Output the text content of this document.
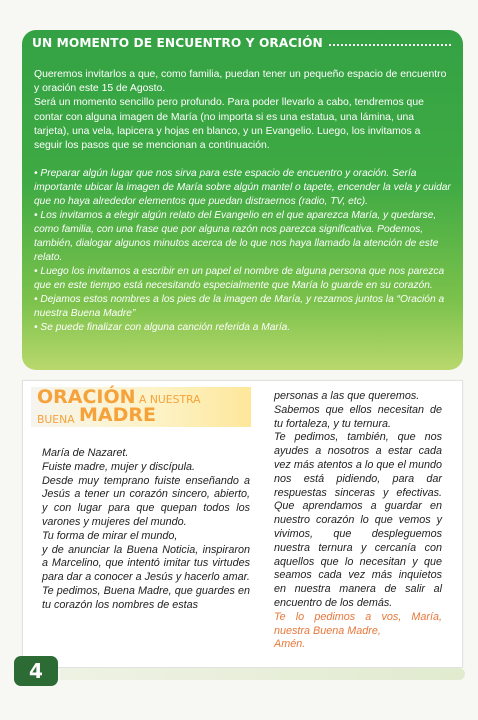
UN MOMENTO DE ENCUENTRO Y ORACIÓN

Queremos invitarlos a que, como familia, puedan tener un pequeño espacio de encuentro y oración este 15 de Agosto.

Será un momento sencillo pero profundo. Para poder llevarlo a cabo, tendremos que contar con alguna imagen de María (no importa si es una estatua, una lámina, una tarjeta), una vela, lapicera y hojas en blanco, y un Evangelio. Luego, los invitamos a seguir los pasos que se mencionan a continuación.

• Preparar algún lugar que nos sirva para este espacio de encuentro y oración. Sería importante ubicar la imagen de María sobre algún mantel o tapete, encender la vela y cuidar que no haya alrededor elementos que puedan distraernos (radio, TV, etc).

• Los invitamos a elegir algún relato del Evangelio en el que aparezca María, y quedarse, como familia, con una frase que por alguna razón nos parezca significativa. Podemos, también, dialogar algunos minutos acerca de lo que nos haya llamado la atención de este relato.

• Luego los invitamos a escribir en un papel el nombre de alguna persona que nos parezca que en este tiempo está necesitando especialmente que María lo guarde en su corazón.

• Dejamos estos nombres a los pies de la imagen de María, y rezamos juntos la “Oración a nuestra Buena Madre”

• Se puede finalizar con alguna canción referida a María.

ORACIÓN A NUESTRA
BUENA MADRE

María de Nazaret.

Fuiste madre, mujer y discípula.

Desde muy temprano fuiste enseñando a Jesús a tener un corazón sincero, abierto, y con lugar para que quepan todos los varones y mujeres del mundo.

Tu forma de mirar el mundo,

y de anunciar la Buena Noticia, inspiraron a Marcelino, que intentó imitar tus virtudes para dar a conocer a Jesús y hacerlo amar.

Te pedimos, Buena Madre, que guardes en tu corazón los nombres de estas

personas a las que queremos.

Sabemos que ellos necesitan de tu fortaleza, y tu ternura.

Te pedimos, también, que nos ayudes a nosotros a estar cada vez más atentos a lo que el mundo nos está pidiendo, para dar respuestas sinceras y efectivas. Que aprendamos a guardar en nuestro corazón lo que vemos y vivimos, que despleguemos nuestra ternura y cercanía con aquellos que lo necesitan y que seamos cada vez más inquietos en nuestra manera de salir al encuentro de los demás.

Te lo pedimos a vos, María, nuestra Buena Madre,

Amén.

4
